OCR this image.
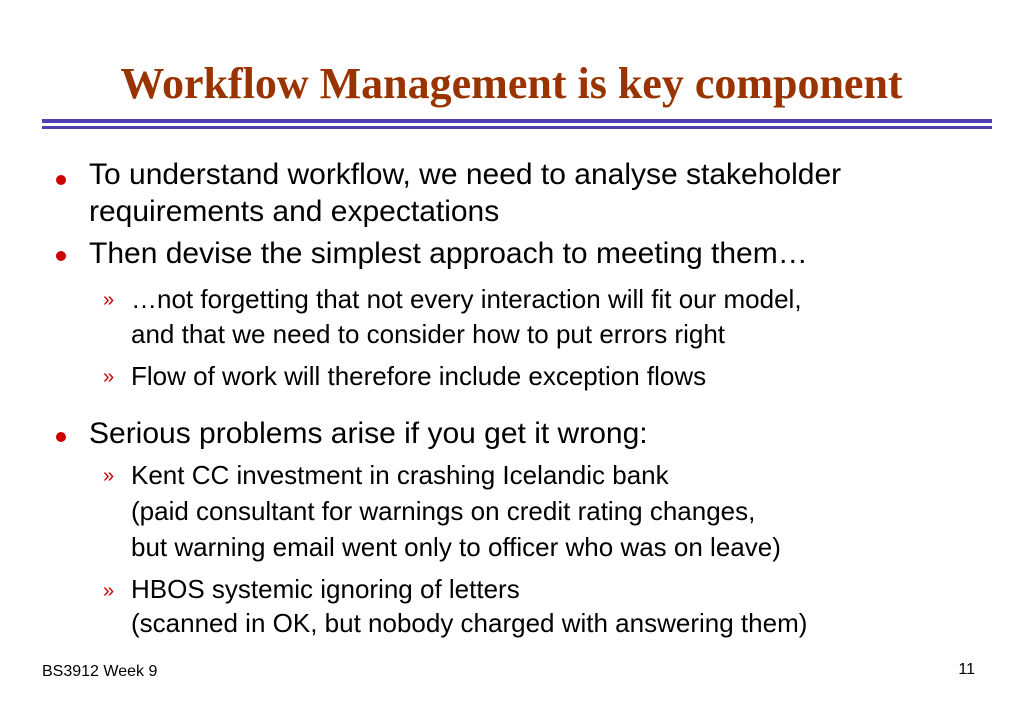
Workflow Management is key component
To understand workflow, we need to analyse stakeholder
requirements and expectations
Then devise the simplest approach to meeting them…
» …not forgetting that not every interaction will fit our model,
and that we need to consider how to put errors right
» Flow of work will therefore include exception flows
Serious problems arise if you get it wrong:
» Kent CC investment in crashing Icelandic bank
(paid consultant for warnings on credit rating changes,
but warning email went only to officer who was on leave)
» HBOS systemic ignoring of letters
(scanned in OK, but nobody charged with answering them)
BS3912 Week 9	11
